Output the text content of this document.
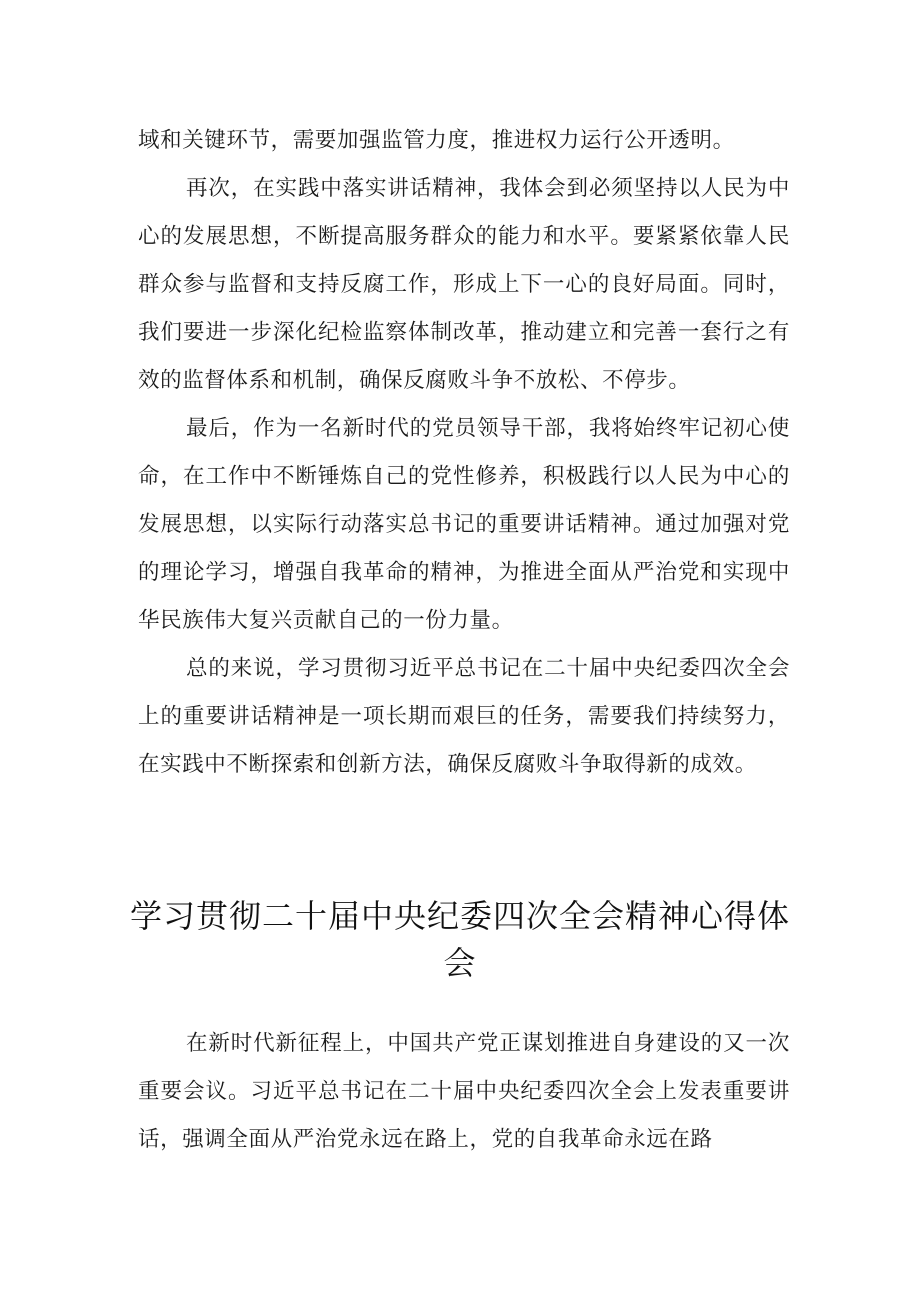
域和关键环节，需要加强监管力度，推进权力运行公开透明。

再次，在实践中落实讲话精神，我体会到必须坚持以人民为中心的发展思想，不断提高服务群众的能力和水平。要紧紧依靠人民群众参与监督和支持反腐工作，形成上下一心的良好局面。同时，我们要进一步深化纪检监察体制改革，推动建立和完善一套行之有效的监督体系和机制，确保反腐败斗争不放松、不停步。

最后，作为一名新时代的党员领导干部，我将始终牢记初心使命，在工作中不断锤炼自己的党性修养，积极践行以人民为中心的发展思想，以实际行动落实总书记的重要讲话精神。通过加强对党的理论学习，增强自我革命的精神，为推进全面从严治党和实现中华民族伟大复兴贡献自己的一份力量。

总的来说，学习贯彻习近平总书记在二十届中央纪委四次全会上的重要讲话精神是一项长期而艰巨的任务，需要我们持续努力，在实践中不断探索和创新方法，确保反腐败斗争取得新的成效。

学习贯彻二十届中央纪委四次全会精神心得体会

在新时代新征程上，中国共产党正谋划推进自身建设的又一次重要会议。习近平总书记在二十届中央纪委四次全会上发表重要讲话，强调全面从严治党永远在路上，党的自我革命永远在路
